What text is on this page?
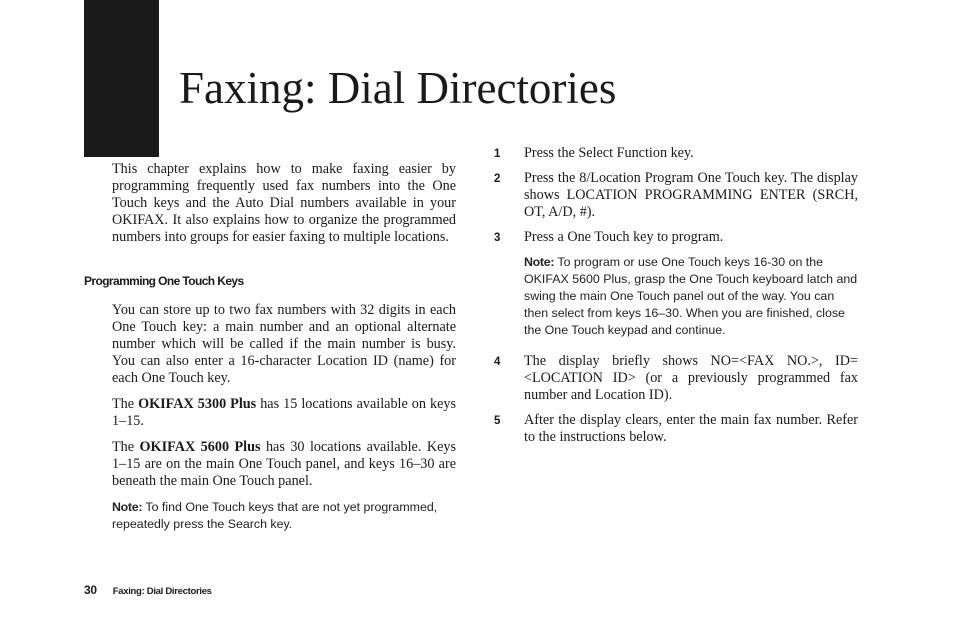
Faxing: Dial Directories

This chapter explains how to make faxing easier by programming frequently used fax numbers into the One Touch keys and the Auto Dial numbers available in your OKIFAX. It also explains how to organize the programmed numbers into groups for easier faxing to multiple locations.

Programming One Touch Keys

You can store up to two fax numbers with 32 digits in each One Touch key: a main number and an optional alternate number which will be called if the main number is busy. You can also enter a 16-character Location ID (name) for each One Touch key.

The OKIFAX 5300 Plus has 15 locations available on keys 1–15.

The OKIFAX 5600 Plus has 30 locations available. Keys 1–15 are on the main One Touch panel, and keys 16–30 are beneath the main One Touch panel.

Note: To find One Touch keys that are not yet programmed, repeatedly press the Search key.

1 Press the Select Function key.
2 Press the 8/Location Program One Touch key. The display shows LOCATION PROGRAMMING ENTER (SRCH, OT, A/D, #).
3 Press a One Touch key to program.

Note: To program or use One Touch keys 16-30 on the OKIFAX 5600 Plus, grasp the One Touch keyboard latch and swing the main One Touch panel out of the way. You can then select from keys 16–30. When you are finished, close the One Touch keypad and continue.

4 The display briefly shows NO=<FAX NO.>, ID=<LOCATION ID> (or a previously programmed fax number and Location ID).
5 After the display clears, enter the main fax number. Refer to the instructions below.
30 Faxing: Dial Directories
